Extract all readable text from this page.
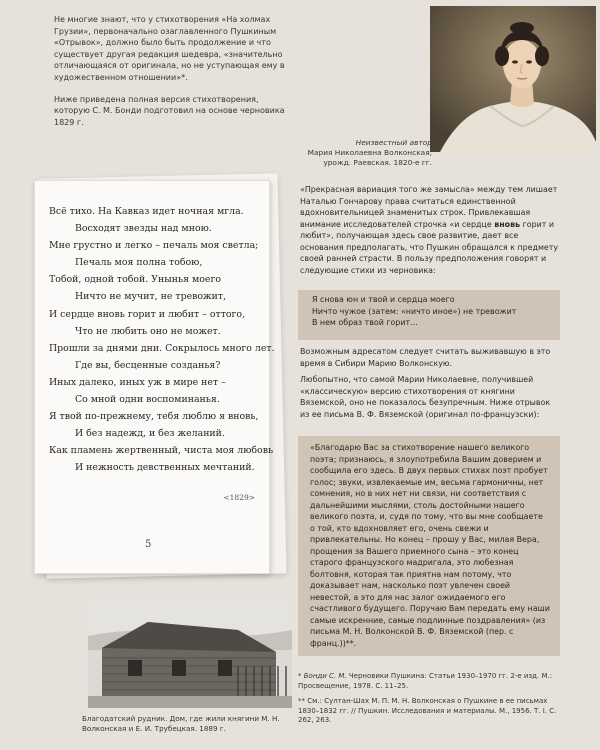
Не многие знают, что у стихотворения «На холмах Грузии», первоначально озаглавленного Пушкиным «Отрывок», должно было быть продолжение и что существует другая редакция шедевра, «значительно отличающаяся от оригинала, но не уступающая ему в художественном отношении»*.

Ниже приведена полная версия стихотворения, которую С. М. Бонди подготовил на основе черновика 1829 г.

Неизвестный автор
Мария Николаевна Волконская, урожд. Раевская. 1820-е гг.
Всё тихо. На Кавказ идет ночная мгла.
Восходят звезды над мною.
Мне грустно и легко – печаль моя светла;
Печаль моя полна тобою,
Тобой, одной тобой. Унынья моего
Ничто не мучит, не тревожит,
И сердце вновь горит и любит – оттого,
Что не любить оно не может.
Прошли за днями дни. Сокрылось много лет.
Где вы, бесценные созданья?
Иных далеко, иных уж в мире нет –
Со мной одни воспоминанья.
Я твой по-прежнему, тебя люблю я вновь,
И без надежд, и без желаний.
Как пламень жертвенный, чиста моя любовь
И нежность девственных мечтаний.
<1829>
5

«Прекрасная вариация того же замысла» между тем лишает Наталью Гончарову права считаться единственной вдохновительницей знаменитых строк. Привлекавшая внимание исследователей строчка «и сердце вновь горит и любит», получающая здесь свое развитие, дает все основания предполагать, что Пушкин обращался к предмету своей ранней страсти. В пользу предположения говорят и следующие стихи из черновика:

Я снова юн и твой и сердца моего

Ничто чужое (затем: «ничто иное») не тревожит

В нем образ твой горит…

Возможным адресатом следует считать выживавшую в это время в Сибири Марию Волконскую.

Любопытно, что самой Марии Николаевне, получившей «классическую» версию стихотворения от княгини Вяземской, оно не показалось безупречным. Ниже отрывок из ее письма В. Ф. Вяземской (оригинал по-французски):

«Благодарю Вас за стихотворение нашего великого поэта; признаюсь, я злоупотребила Вашим доверием и сообщила его здесь. В двух первых стихах поэт пробует голос; звуки, извлекаемые им, весьма гармоничны, нет сомнения, но в них нет ни связи, ни соответствия с дальнейшими мыслями, столь достойными нашего великого поэта, и, судя по тому, что вы мне сообщаете о той, кто вдохновляет его, очень свежи и привлекательны. Но конец – прошу у Вас, милая Вера, прощения за Вашего приемного сына – это конец старого французского мадригала, это любезная болтовня, которая так приятна нам потому, что доказывает нам, насколько поэт увлечен своей невестой, а это для нас залог ожидаемого его счастливого будущего. Поручаю Вам передать ему наши самые искренние, самые подлинные поздравления» (из письма М. Н. Волконской В. Ф. Вяземской (пер. с франц.))**.

Благодатский рудник. Дом, где жили княгини М. Н. Волконская и Е. И. Трубецкая. 1889 г.

* Бонди С. М. Черновики Пушкина: Статьи 1930–1970 гг. 2-е изд. М.: Просвещение, 1978. С. 11–25.

** См.: Султан-Шах М. П. М. Н. Волконская о Пушкине в ее письмах 1830–1832 гг. // Пушкин. Исследования и материалы. М., 1956. Т. I. С. 262, 263.
